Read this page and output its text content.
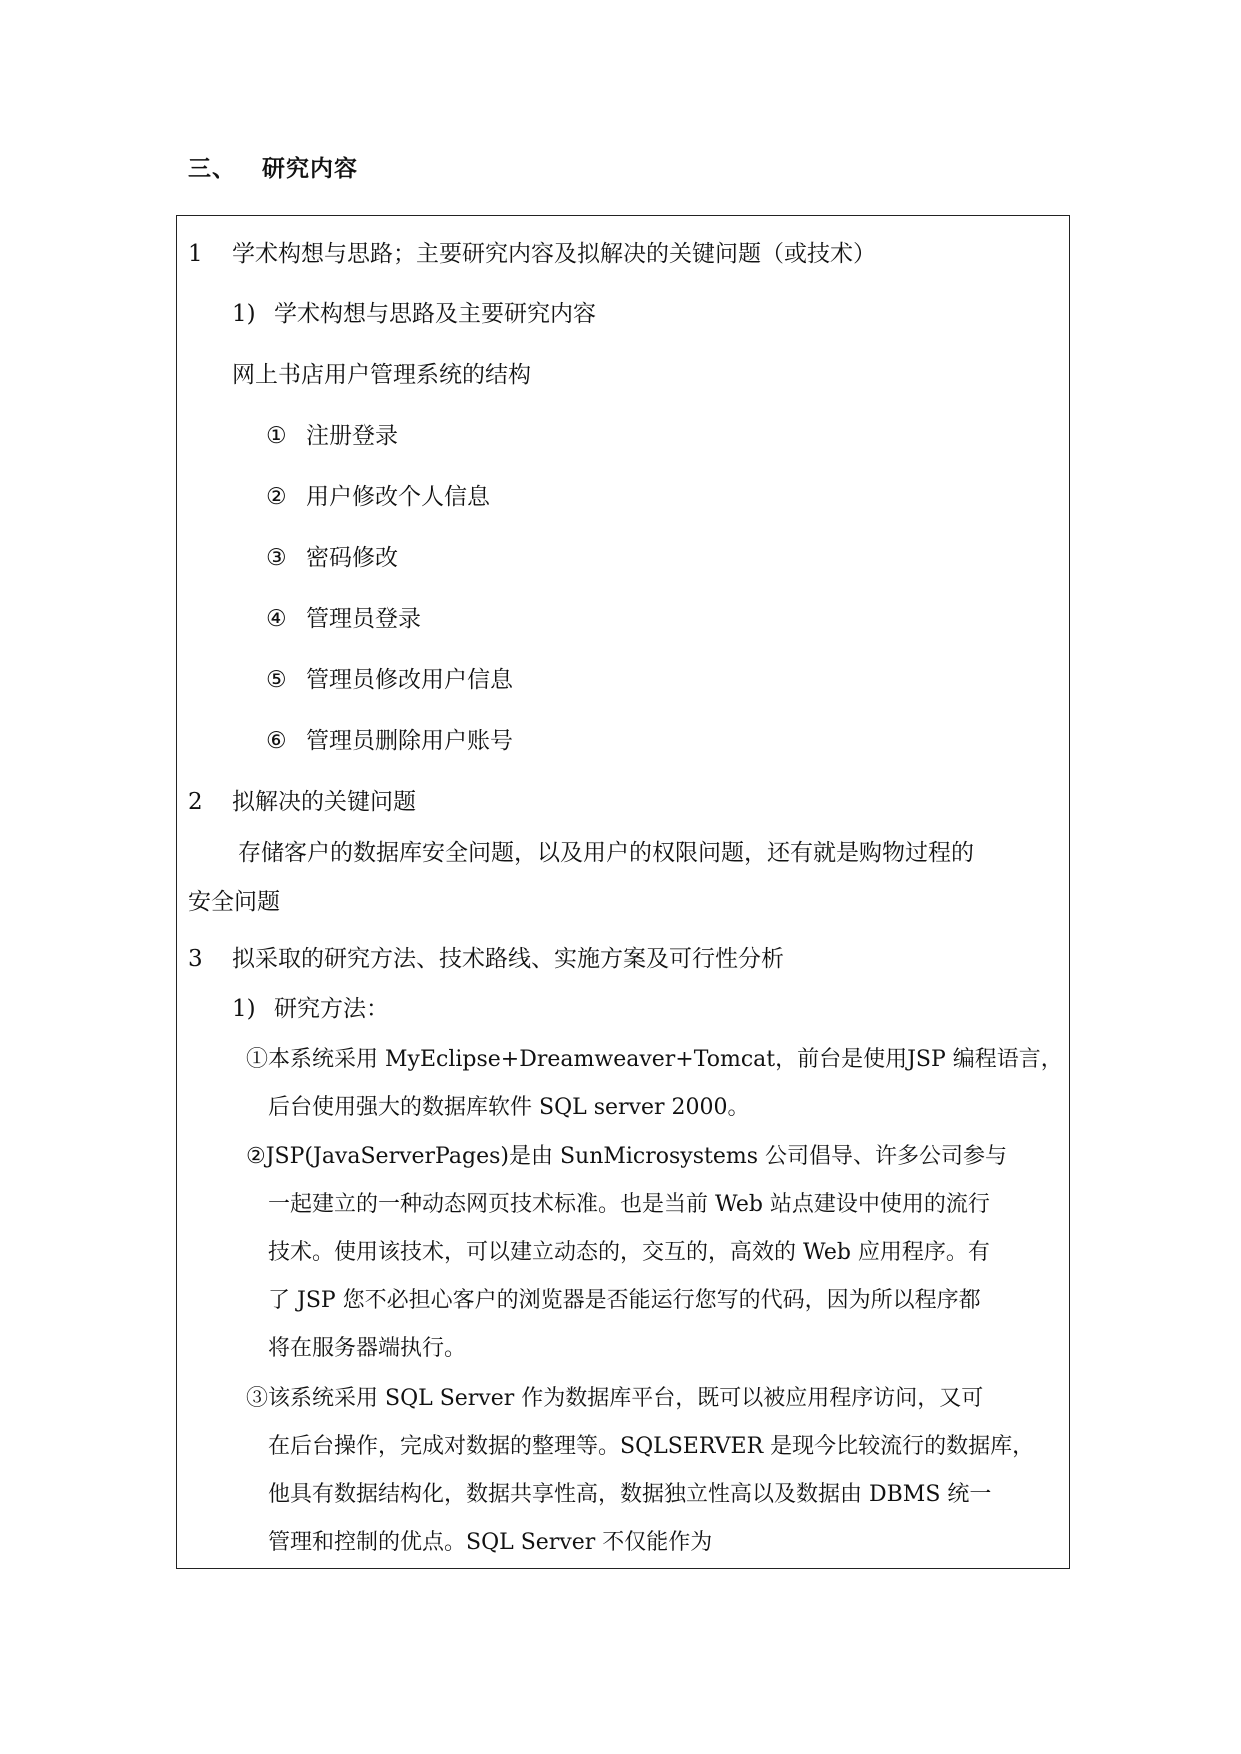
三、 研究内容
1 学术构想与思路；主要研究内容及拟解决的关键问题（或技术）
1) 学术构想与思路及主要研究内容
网上书店用户管理系统的结构
① 注册登录
② 用户修改个人信息
③ 密码修改
④ 管理员登录
⑤ 管理员修改用户信息
⑥ 管理员删除用户账号
2 拟解决的关键问题
存储客户的数据库安全问题，以及用户的权限问题，还有就是购物过程的
安全问题
3 拟采取的研究方法、技术路线、实施方案及可行性分析
1) 研究方法：
①本系统采用 MyEclipse+Dreamweaver+Tomcat，前台是使用JSP 编程语言，
后台使用强大的数据库软件 SQL server 2000。
②JSP(JavaServerPages)是由 SunMicrosystems 公司倡导、许多公司参与
一起建立的一种动态网页技术标准。也是当前 Web 站点建设中使用的流行
技术。使用该技术，可以建立动态的，交互的，高效的 Web 应用程序。有
了 JSP 您不必担心客户的浏览器是否能运行您写的代码，因为所以程序都
将在服务器端执行。
③该系统采用 SQL Server 作为数据库平台，既可以被应用程序访问，又可
在后台操作，完成对数据的整理等。SQLSERVER 是现今比较流行的数据库，
他具有数据结构化，数据共享性高，数据独立性高以及数据由 DBMS 统一
管理和控制的优点。SQL Server 不仅能作为
